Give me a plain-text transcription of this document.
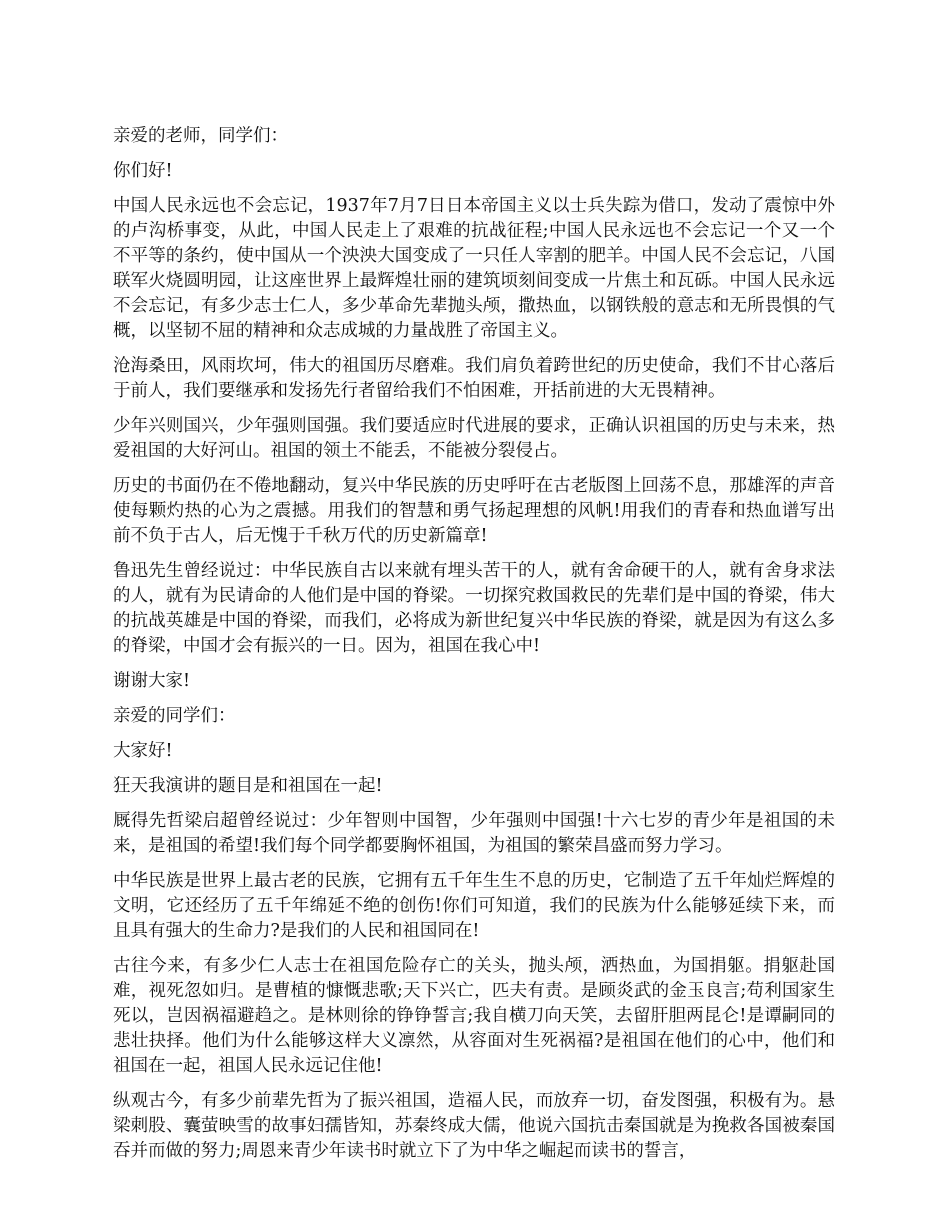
亲爱的老师，同学们：

你们好!

中国人民永远也不会忘记，1937年7月7日日本帝国主义以士兵失踪为借口，发动了震惊中外的卢沟桥事变，从此，中国人民走上了艰难的抗战征程;中国人民永远也不会忘记一个又一个不平等的条约，使中国从一个泱泱大国变成了一只任人宰割的肥羊。中国人民不会忘记，八国联军火烧圆明园，让这座世界上最辉煌壮丽的建筑顷刻间变成一片焦土和瓦砾。中国人民永远不会忘记，有多少志士仁人，多少革命先辈抛头颅，撒热血，以钢铁般的意志和无所畏惧的气概，以坚韧不屈的精神和众志成城的力量战胜了帝国主义。

沧海桑田，风雨坎坷，伟大的祖国历尽磨难。我们肩负着跨世纪的历史使命，我们不甘心落后于前人，我们要继承和发扬先行者留给我们不怕困难，开括前进的大无畏精神。

少年兴则国兴，少年强则国强。我们要适应时代进展的要求，正确认识祖国的历史与未来，热爱祖国的大好河山。祖国的领土不能丢，不能被分裂侵占。

历史的书面仍在不倦地翻动，复兴中华民族的历史呼吁在古老版图上回荡不息，那雄浑的声音使每颗灼热的心为之震撼。用我们的智慧和勇气扬起理想的风帆!用我们的青春和热血谱写出前不负于古人，后无愧于千秋万代的历史新篇章!

鲁迅先生曾经说过：中华民族自古以来就有埋头苦干的人，就有舍命硬干的人，就有舍身求法的人，就有为民请命的人他们是中国的脊梁。一切探究救国救民的先辈们是中国的脊梁，伟大的抗战英雄是中国的脊梁，而我们，必将成为新世纪复兴中华民族的脊梁，就是因为有这么多的脊梁，中国才会有振兴的一日。因为，祖国在我心中!

谢谢大家!

亲爱的同学们：

大家好!

狂天我演讲的题目是和祖国在一起!

厩得先哲梁启超曾经说过：少年智则中国智，少年强则中国强!十六七岁的青少年是祖国的未来，是祖国的希望!我们每个同学都要胸怀祖国，为祖国的繁荣昌盛而努力学习。

中华民族是世界上最古老的民族，它拥有五千年生生不息的历史，它制造了五千年灿烂辉煌的文明，它还经历了五千年绵延不绝的创伤!你们可知道，我们的民族为什么能够延续下来，而且具有强大的生命力?是我们的人民和祖国同在!

古往今来，有多少仁人志士在祖国危险存亡的关头，抛头颅，洒热血，为国捐躯。捐躯赴国难，视死忽如归。是曹植的慷慨悲歌;天下兴亡，匹夫有责。是顾炎武的金玉良言;苟利国家生死以，岂因祸福避趋之。是林则徐的铮铮誓言;我自横刀向天笑，去留肝胆两昆仑!是谭嗣同的悲壮抉择。他们为什么能够这样大义凛然，从容面对生死祸福?是祖国在他们的心中，他们和祖国在一起，祖国人民永远记住他!

纵观古今，有多少前辈先哲为了振兴祖国，造福人民，而放弃一切，奋发图强，积极有为。悬梁刺股、囊萤映雪的故事妇孺皆知，苏秦终成大儒，他说六国抗击秦国就是为挽救各国被秦国吞并而做的努力;周恩来青少年读书时就立下了为中华之崛起而读书的誓言，
